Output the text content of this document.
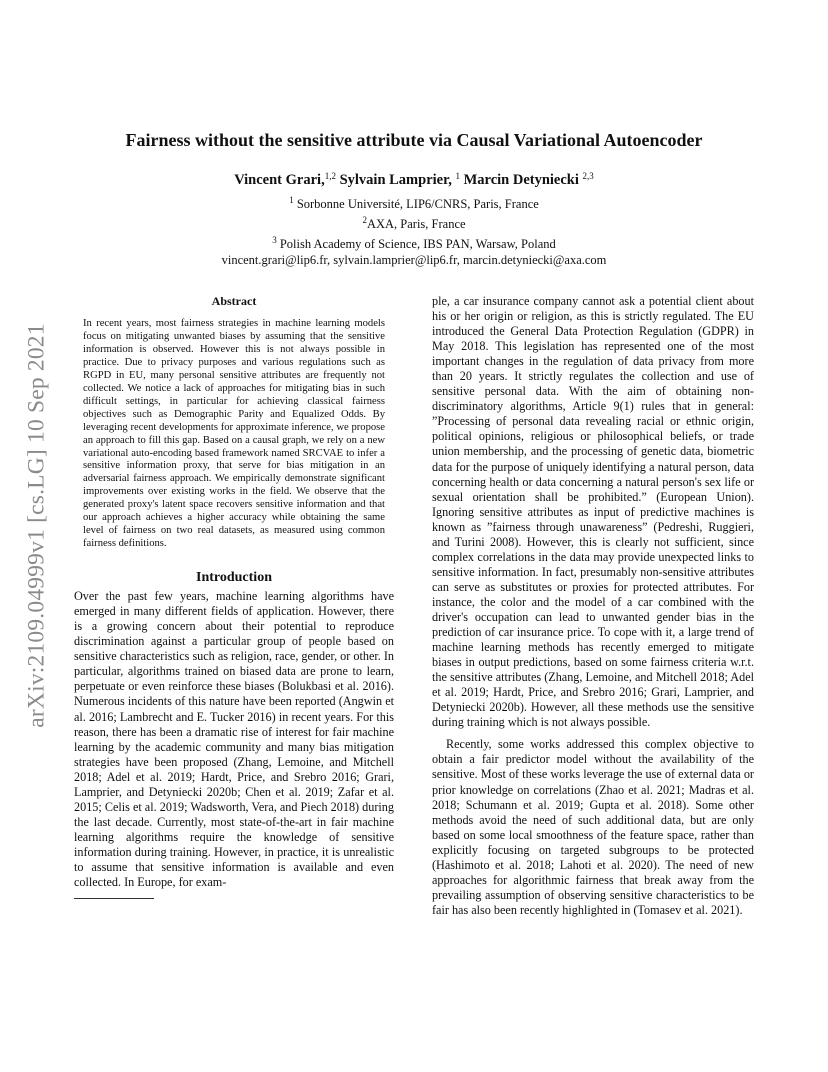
arXiv:2109.04999v1 [cs.LG] 10 Sep 2021
Fairness without the sensitive attribute via Causal Variational Autoencoder
Vincent Grari,$^{1,2}$ Sylvain Lamprier, $^1$ Marcin Detyniecki $^{2,3}$
$^1$ Sorbonne Université, LIP6/CNRS, Paris, France
$^2$AXA, Paris, France
$^3$ Polish Academy of Science, IBS PAN, Warsaw, Poland
vincent.grari@lip6.fr, sylvain.lamprier@lip6.fr, marcin.detyniecki@axa.com
Abstract

In recent years, most fairness strategies in machine learning models focus on mitigating unwanted biases by assuming that the sensitive information is observed. However this is not always possible in practice. Due to privacy purposes and various regulations such as RGPD in EU, many personal sensitive attributes are frequently not collected. We notice a lack of approaches for mitigating bias in such difficult settings, in particular for achieving classical fairness objectives such as Demographic Parity and Equalized Odds. By leveraging recent developments for approximate inference, we propose an approach to fill this gap. Based on a causal graph, we rely on a new variational auto-encoding based framework named SRCVAE to infer a sensitive information proxy, that serve for bias mitigation in an adversarial fairness approach. We empirically demonstrate significant improvements over existing works in the field. We observe that the generated proxy's latent space recovers sensitive information and that our approach achieves a higher accuracy while obtaining the same level of fairness on two real datasets, as measured using common fairness definitions.

Introduction

Over the past few years, machine learning algorithms have emerged in many different fields of application. However, there is a growing concern about their potential to reproduce discrimination against a particular group of people based on sensitive characteristics such as religion, race, gender, or other. In particular, algorithms trained on biased data are prone to learn, perpetuate or even reinforce these biases (Bolukbasi et al. 2016). Numerous incidents of this nature have been reported (Angwin et al. 2016; Lambrecht and E. Tucker 2016) in recent years. For this reason, there has been a dramatic rise of interest for fair machine learning by the academic community and many bias mitigation strategies have been proposed (Zhang, Lemoine, and Mitchell 2018; Adel et al. 2019; Hardt, Price, and Srebro 2016; Grari, Lamprier, and Detyniecki 2020b; Chen et al. 2019; Zafar et al. 2015; Celis et al. 2019; Wadsworth, Vera, and Piech 2018) during the last decade. Currently, most state-of-the-art in fair machine learning algorithms require the knowledge of sensitive information during training. However, in practice, it is unrealistic to assume that sensitive information is available and even collected. In Europe, for exam-

ple, a car insurance company cannot ask a potential client about his or her origin or religion, as this is strictly regulated. The EU introduced the General Data Protection Regulation (GDPR) in May 2018. This legislation has represented one of the most important changes in the regulation of data privacy from more than 20 years. It strictly regulates the collection and use of sensitive personal data. With the aim of obtaining non-discriminatory algorithms, Article 9(1) rules that in general: ”Processing of personal data revealing racial or ethnic origin, political opinions, religious or philosophical beliefs, or trade union membership, and the processing of genetic data, biometric data for the purpose of uniquely identifying a natural person, data concerning health or data concerning a natural person's sex life or sexual orientation shall be prohibited.” (European Union). Ignoring sensitive attributes as input of predictive machines is known as ”fairness through unawareness” (Pedreshi, Ruggieri, and Turini 2008). However, this is clearly not sufficient, since complex correlations in the data may provide unexpected links to sensitive information. In fact, presumably non-sensitive attributes can serve as substitutes or proxies for protected attributes. For instance, the color and the model of a car combined with the driver's occupation can lead to unwanted gender bias in the prediction of car insurance price. To cope with it, a large trend of machine learning methods has recently emerged to mitigate biases in output predictions, based on some fairness criteria w.r.t. the sensitive attributes (Zhang, Lemoine, and Mitchell 2018; Adel et al. 2019; Hardt, Price, and Srebro 2016; Grari, Lamprier, and Detyniecki 2020b). However, all these methods use the sensitive during training which is not always possible.

Recently, some works addressed this complex objective to obtain a fair predictor model without the availability of the sensitive. Most of these works leverage the use of external data or prior knowledge on correlations (Zhao et al. 2021; Madras et al. 2018; Schumann et al. 2019; Gupta et al. 2018). Some other methods avoid the need of such additional data, but are only based on some local smoothness of the feature space, rather than explicitly focusing on targeted subgroups to be protected (Hashimoto et al. 2018; Lahoti et al. 2020). The need of new approaches for algorithmic fairness that break away from the prevailing assumption of observing sensitive characteristics to be fair has also been recently highlighted in (Tomasev et al. 2021).
